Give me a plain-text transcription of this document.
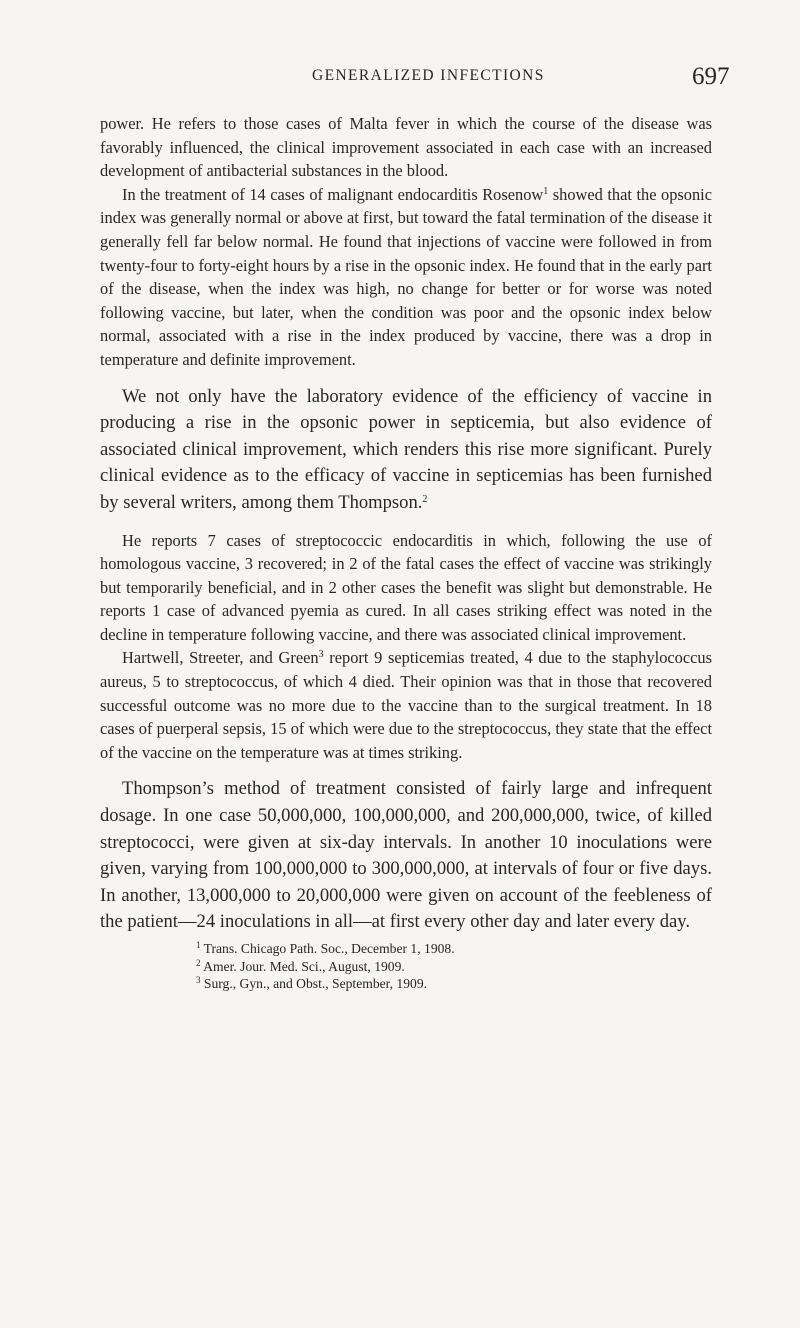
GENERALIZED INFECTIONS	697

power. He refers to those cases of Malta fever in which the course of the disease was favorably influenced, the clinical improvement associated in each case with an increased development of antibacterial substances in the blood.

In the treatment of 14 cases of malignant endocarditis Rosenow$^1$ showed that the opsonic index was generally normal or above at first, but toward the fatal termination of the disease it generally fell far below normal. He found that injections of vaccine were followed in from twenty-four to forty-eight hours by a rise in the opsonic index. He found that in the early part of the disease, when the index was high, no change for better or for worse was noted following vaccine, but later, when the condition was poor and the opsonic index below normal, associated with a rise in the index produced by vaccine, there was a drop in temperature and definite improvement.

We not only have the laboratory evidence of the efficiency of vaccine in producing a rise in the opsonic power in septicemia, but also evidence of associated clinical improvement, which renders this rise more significant. Purely clinical evidence as to the efficacy of vaccine in septicemias has been furnished by several writers, among them Thompson.$^2$

He reports 7 cases of streptococcic endocarditis in which, following the use of homologous vaccine, 3 recovered; in 2 of the fatal cases the effect of vaccine was strikingly but temporarily beneficial, and in 2 other cases the benefit was slight but demonstrable. He reports 1 case of advanced pyemia as cured. In all cases striking effect was noted in the decline in temperature following vaccine, and there was associated clinical improvement.

Hartwell, Streeter, and Green$^3$ report 9 septicemias treated, 4 due to the staphylococcus aureus, 5 to streptococcus, of which 4 died. Their opinion was that in those that recovered successful outcome was no more due to the vaccine than to the surgical treatment. In 18 cases of puerperal sepsis, 15 of which were due to the streptococcus, they state that the effect of the vaccine on the temperature was at times striking.

Thompson’s method of treatment consisted of fairly large and infrequent dosage. In one case 50,000,000, 100,000,000, and 200,000,000, twice, of killed streptococci, were given at six-day intervals. In another 10 inoculations were given, varying from 100,000,000 to 300,000,000, at intervals of four or five days. In another, 13,000,000 to 20,000,000 were given on account of the feebleness of the patient—24 inoculations in all—at first every other day and later every day.

$^1$ Trans. Chicago Path. Soc., December 1, 1908.

$^2$ Amer. Jour. Med. Sci., August, 1909.

$^3$ Surg., Gyn., and Obst., September, 1909.
